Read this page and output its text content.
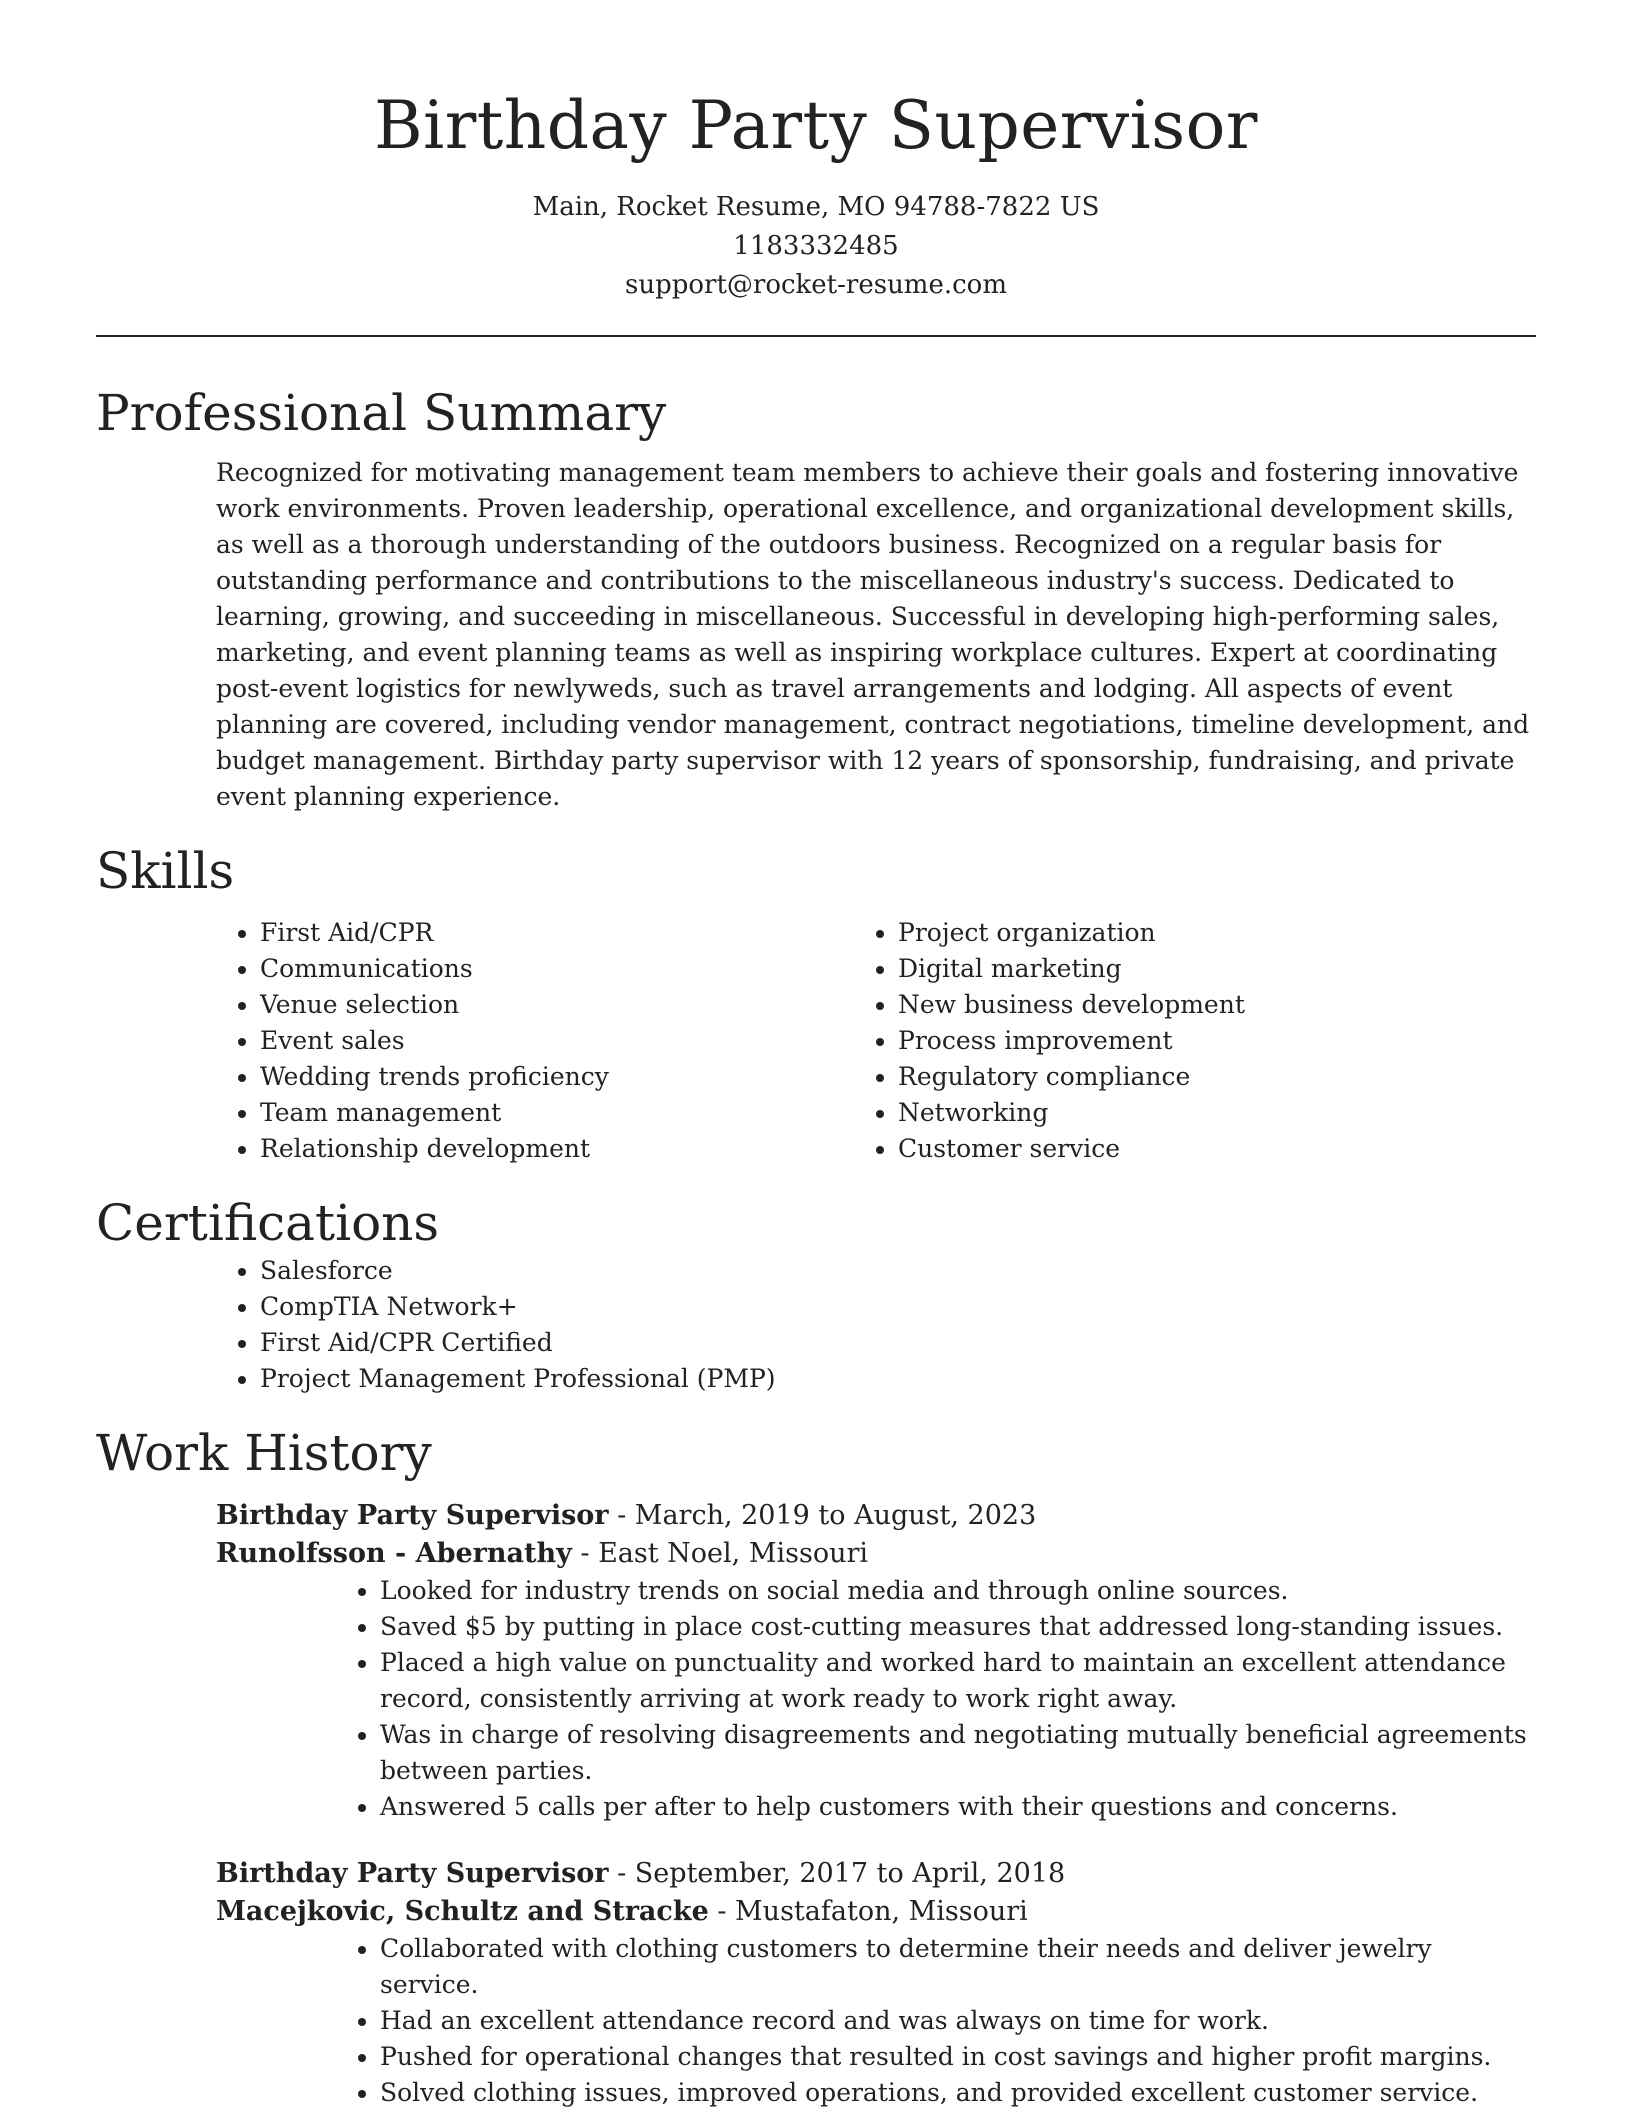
Birthday Party Supervisor
Main, Rocket Resume, MO 94788-7822 US
1183332485
support@rocket-resume.com
Professional Summary

Recognized for motivating management team members to achieve their goals and fostering innovative work environments. Proven leadership, operational excellence, and organizational development skills, as well as a thorough understanding of the outdoors business. Recognized on a regular basis for outstanding performance and contributions to the miscellaneous industry's success. Dedicated to learning, growing, and succeeding in miscellaneous. Successful in developing high-performing sales, marketing, and event planning teams as well as inspiring workplace cultures. Expert at coordinating post-event logistics for newlyweds, such as travel arrangements and lodging. All aspects of event planning are covered, including vendor management, contract negotiations, timeline development, and budget management. Birthday party supervisor with 12 years of sponsorship, fundraising, and private event planning experience.

Skills
• First Aid/CPR
• Communications
• Venue selection
• Event sales
• Wedding trends proficiency
• Team management
• Relationship development
• Project organization
• Digital marketing
• New business development
• Process improvement
• Regulatory compliance
• Networking
• Customer service
Certifications
• Salesforce
• CompTIA Network+
• First Aid/CPR Certified
• Project Management Professional (PMP)
Work History
Birthday Party Supervisor - March, 2019 to August, 2023
Runolfsson - Abernathy - East Noel, Missouri
• Looked for industry trends on social media and through online sources.
• Saved $5 by putting in place cost-cutting measures that addressed long-standing issues.
• Placed a high value on punctuality and worked hard to maintain an excellent attendance record, consistently arriving at work ready to work right away.
• Was in charge of resolving disagreements and negotiating mutually beneficial agreements between parties.
• Answered 5 calls per after to help customers with their questions and concerns.
Birthday Party Supervisor - September, 2017 to April, 2018
Macejkovic, Schultz and Stracke - Mustafaton, Missouri
• Collaborated with clothing customers to determine their needs and deliver jewelry service.
• Had an excellent attendance record and was always on time for work.
• Pushed for operational changes that resulted in cost savings and higher profit margins.
• Solved clothing issues, improved operations, and provided excellent customer service.
